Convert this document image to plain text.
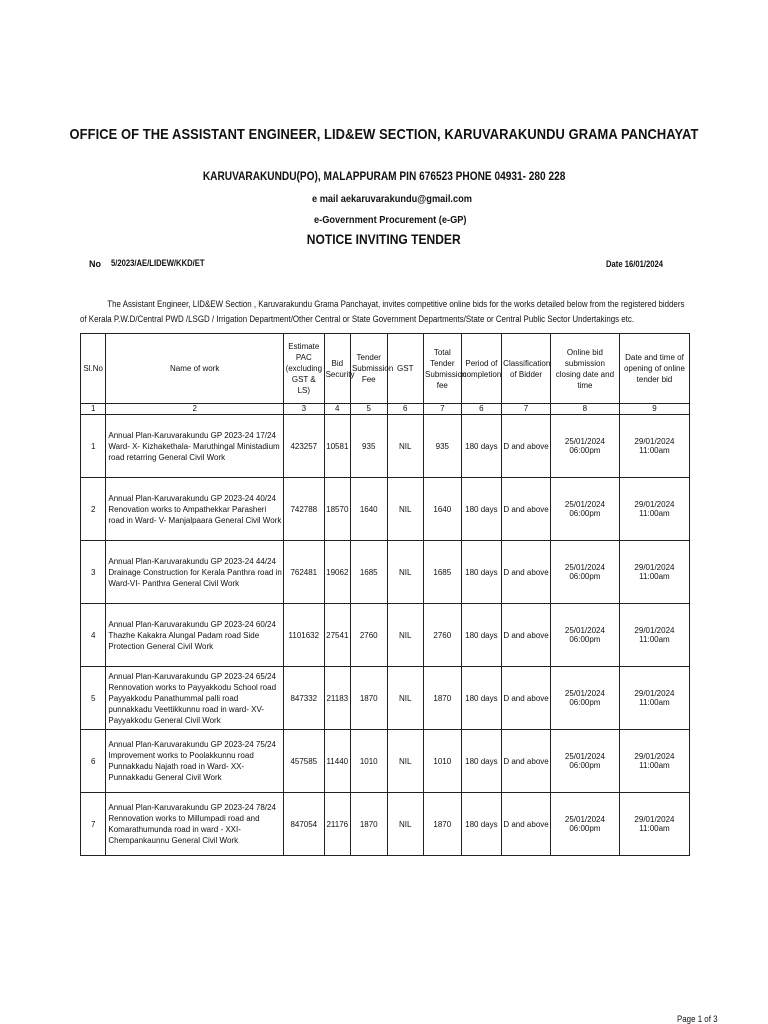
OFFICE OF THE ASSISTANT ENGINEER, LID&EW SECTION, KARUVARAKUNDU GRAMA PANCHAYAT
KARUVARAKUNDU(PO), MALAPPURAM PIN 676523 PHONE 04931- 280 228
e mail aekaruvarakundu@gmail.com
e-Government Procurement (e-GP)
NOTICE INVITING TENDER
No 5/2023/AE/LIDEW/KKD/ET	Date 16/01/2024
The Assistant Engineer, LID&EW Section , Karuvarakundu Grama Panchayat, invites competitive online bids for the works detailed below from the registered bidders of Kerala P.W.D/Central PWD /LSGD / Irrigation Department/Other Central or State Government Departments/State or Central Public Sector Undertakings etc.
Sl.No	Name of work	Estimate PAC (excluding GST & LS)	Bid Security	Tender Submission Fee	GST	Total Tender Submission fee	Period of completion	Classification of Bidder	Online bid submission closing date and time	Date and time of opening of online tender bid
1	2	3	4	5	6	7	6	7	8	9
1	Annual Plan-Karuvarakundu GP 2023-24 17/24 Ward- X- Kizhakethala- Maruthingal Ministadium road retarring General Civil Work	423257	10581	935	NIL	935	180 days	D and above	25/01/2024 06:00pm	29/01/2024 11:00am
2	Annual Plan-Karuvarakundu GP 2023-24 40/24 Renovation works to Ampathekkar Parasheri road in Ward- V- Manjalpaara General Civil Work	742788	18570	1640	NIL	1640	180 days	D and above	25/01/2024 06:00pm	29/01/2024 11:00am
3	Annual Plan-Karuvarakundu GP 2023-24 44/24 Drainage Construction for Kerala Panthra road in Ward-VI- Panthra General Civil Work	762481	19062	1685	NIL	1685	180 days	D and above	25/01/2024 06:00pm	29/01/2024 11:00am
4	Annual Plan-Karuvarakundu GP 2023-24 60/24 Thazhe Kakakra Alungal Padam road Side Protection General Civil Work	1101632	27541	2760	NIL	2760	180 days	D and above	25/01/2024 06:00pm	29/01/2024 11:00am
5	Annual Plan-Karuvarakundu GP 2023-24 65/24 Rennovation works to Payyakkodu School road Payyakkodu Panathummal palli road punnakkadu Veettikkunnu road in ward- XV- Payyakkodu General Civil Work	847332	21183	1870	NIL	1870	180 days	D and above	25/01/2024 06:00pm	29/01/2024 11:00am
6	Annual Plan-Karuvarakundu GP 2023-24 75/24 Improvement works to Poolakkunnu road Punnakkadu Najath road in Ward- XX- Punnakkadu General Civil Work	457585	11440	1010	NIL	1010	180 days	D and above	25/01/2024 06:00pm	29/01/2024 11:00am
7	Annual Plan-Karuvarakundu GP 2023-24 78/24 Rennovation works to Millumpadi road and Komarathumunda road in ward - XXI- Chempankaunnu General Civil Work	847054	21176	1870	NIL	1870	180 days	D and above	25/01/2024 06:00pm	29/01/2024 11:00am
Page 1 of 3
